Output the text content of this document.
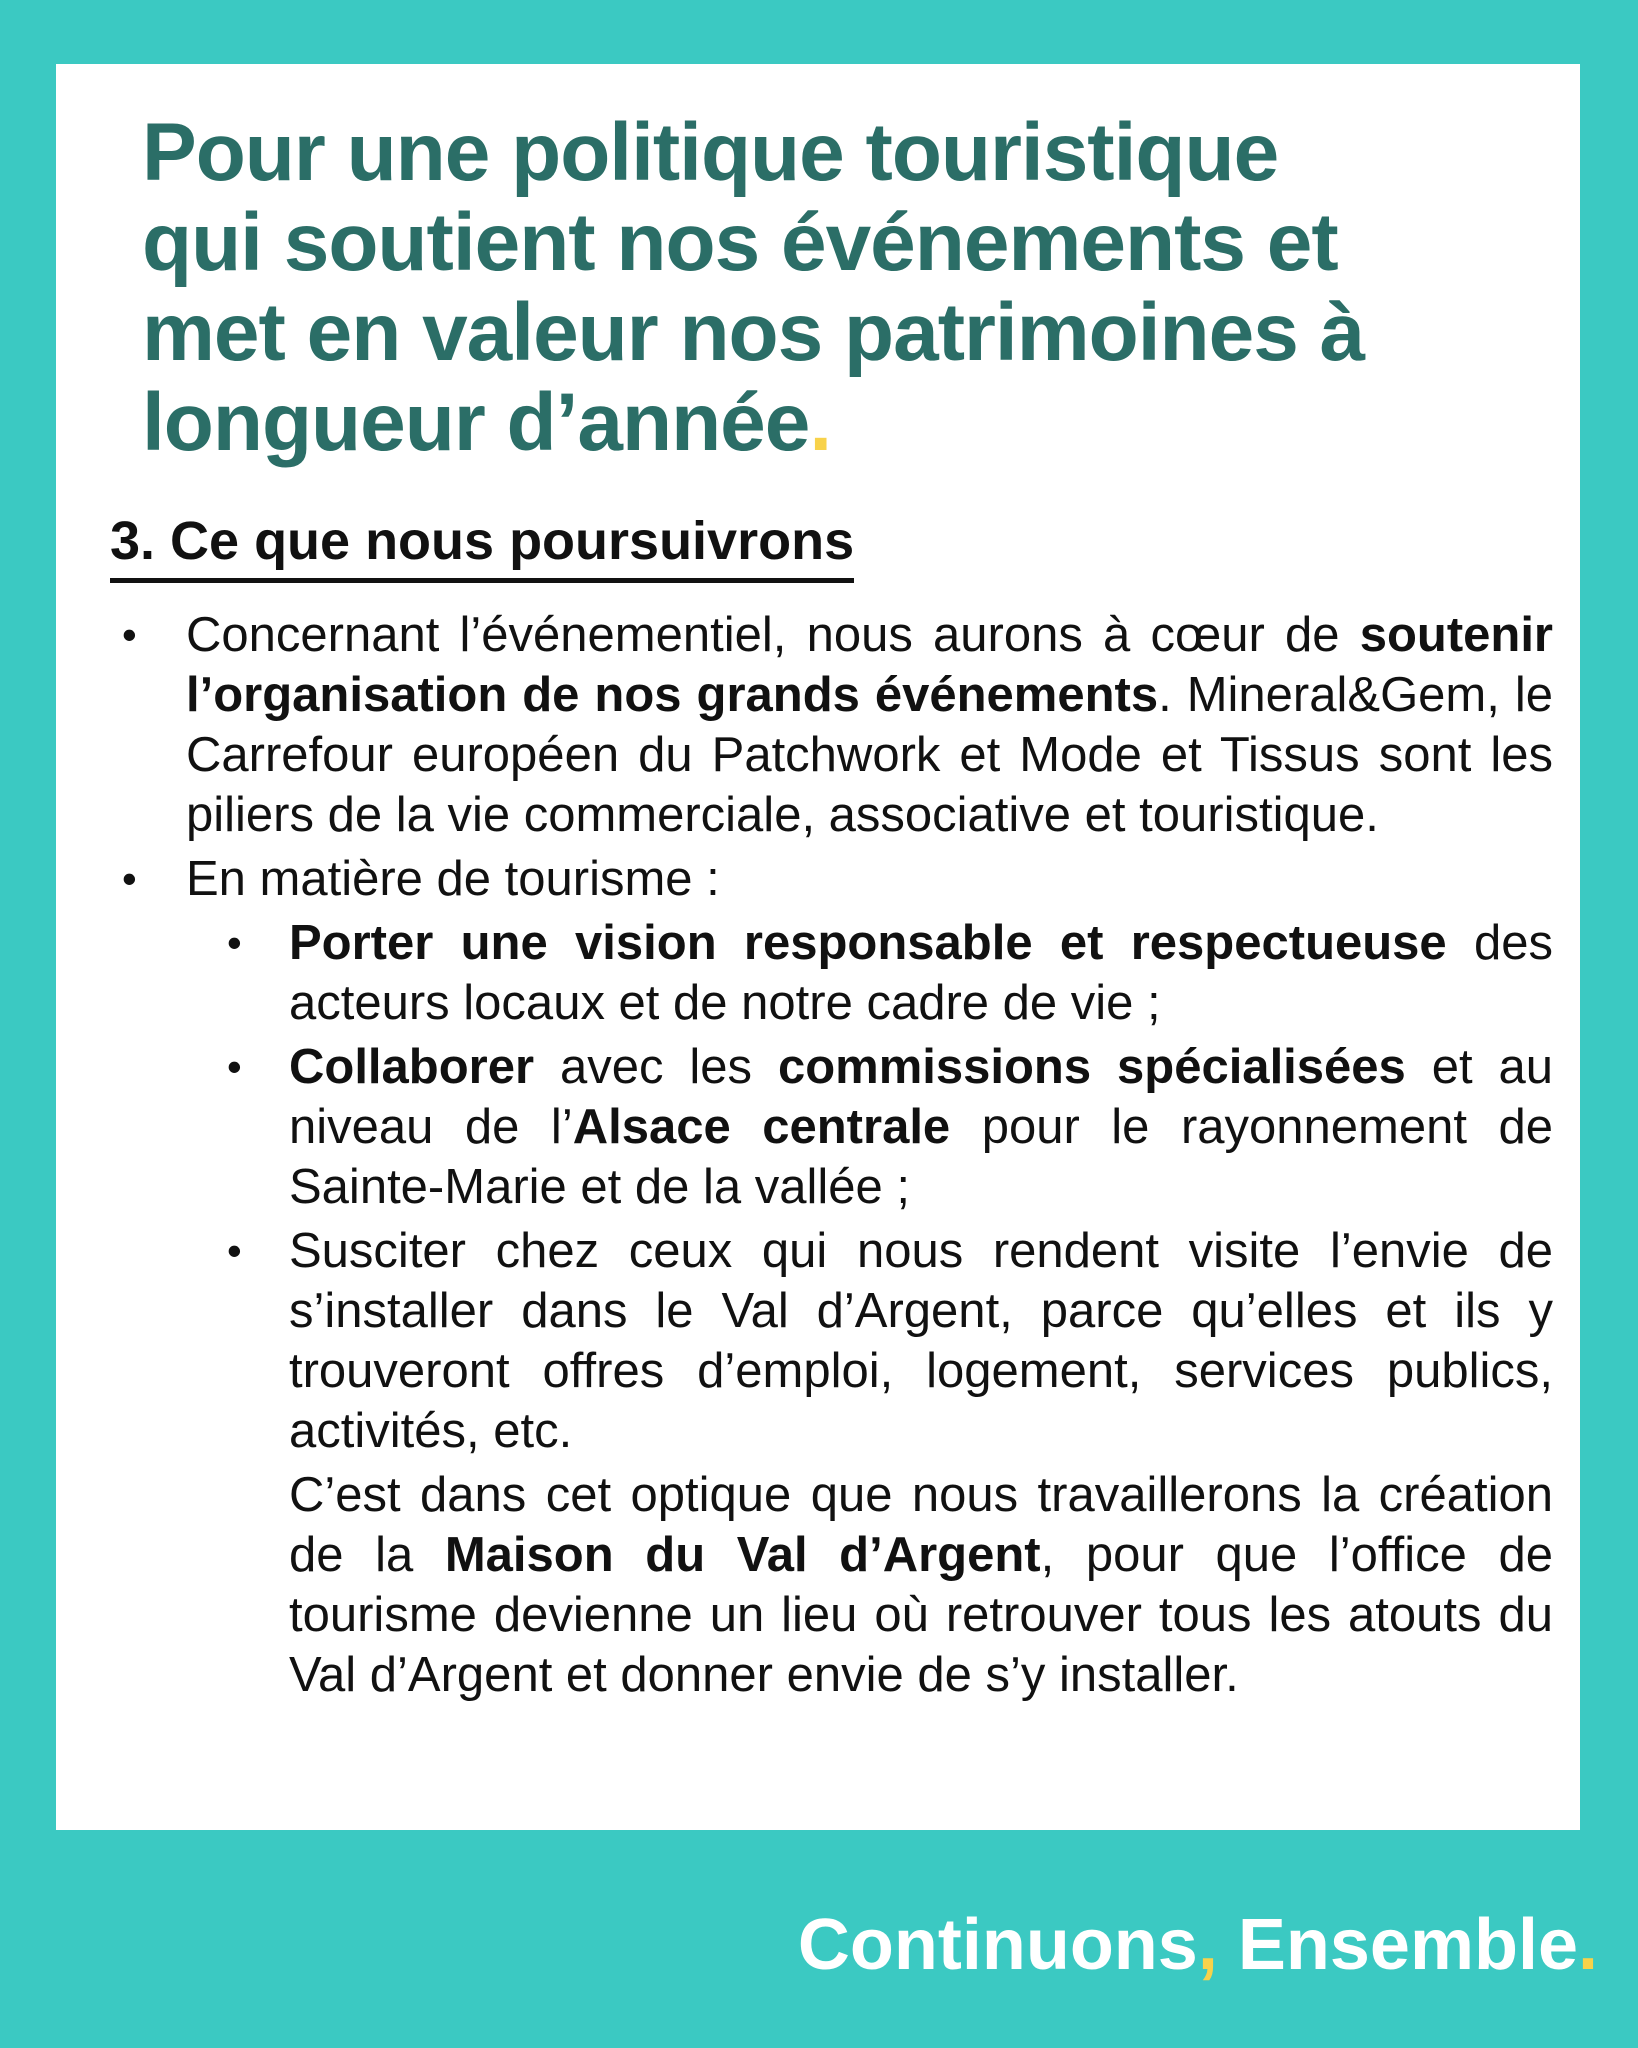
Pour une politique touristique
qui soutient nos événements et
met en valeur nos patrimoines à
longueur d’année.
3. Ce que nous poursuivrons
•	Concernant l’événementiel, nous aurons à cœur de soutenir l’organisation de nos grands événements. Mineral&Gem, le Carrefour européen du Patchwork et Mode et Tissus sont les piliers de la vie commerciale, associative et touristique.

•	En matière de tourisme :

• Porter une vision responsable et respectueuse des acteurs locaux et de notre cadre de vie ;

• Collaborer avec les commissions spécialisées et au niveau de l’Alsace centrale pour le rayonnement de Sainte-Marie et de la vallée ;

• Susciter chez ceux qui nous rendent visite l’envie de s’installer dans le Val d’Argent, parce qu’elles et ils y trouveront offres d’emploi, logement, services publics, activités, etc.

C’est dans cet optique que nous travaillerons la création de la Maison du Val d’Argent, pour que l’office de tourisme devienne un lieu où retrouver tous les atouts du Val d’Argent et donner envie de s’y installer.

Continuons, Ensemble.
